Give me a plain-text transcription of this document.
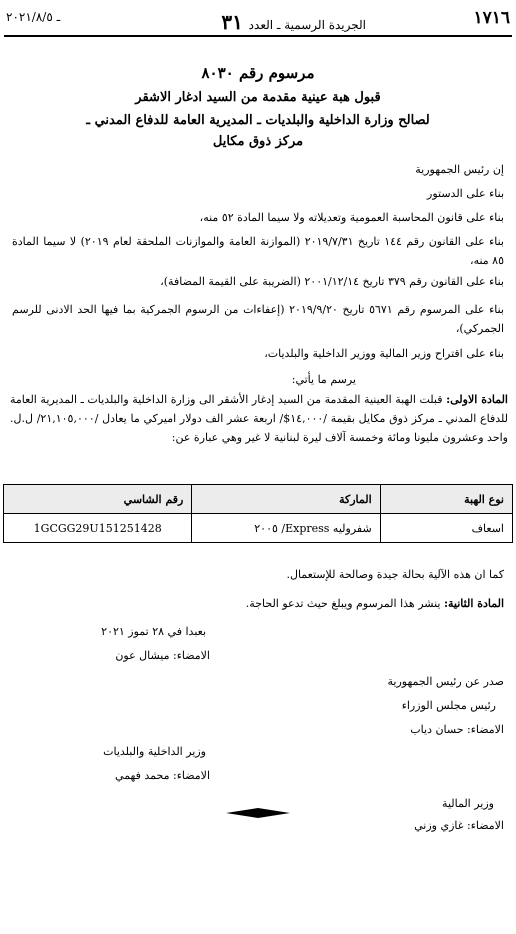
١٧١٦
الجريدة الرسمية ـ العدد ٣١
ـ ٢٠٢١/٨/٥
مرسوم رقم ٨٠٣٠
قبول هبة عينية مقدمة من السيد ادغار الاشقر
لصالح وزارة الداخلية والبلديات ـ المديرية العامة للدفاع المدني ـ
مركز ذوق مكايل
إن رئيس الجمهورية
بناء على الدستور
بناء على قانون المحاسبة العمومية وتعديلاته ولا سيما المادة ٥٢ منه،
بناء على القانون رقم ١٤٤ تاريخ ٢٠١٩/٧/٣١ (الموازنة العامة والموازنات الملحقة لعام ٢٠١٩) لا سيما المادة ٨٥ منه،
بناء على القانون رقم ٣٧٩ تاريخ ٢٠٠١/١٢/١٤ (الضريبة على القيمة المضافة)،
بناء على المرسوم رقم ٥٦٧١ تاريخ ٢٠١٩/٩/٢٠ (إعفاءات من الرسوم الجمركية بما فيها الحد الادنى للرسم الجمركي)،
بناء على اقتراح وزير المالية ووزير الداخلية والبلديات،
يرسم ما يأتي:
المادة الاولى: قبلت الهبة العينية المقدمة من السيد إدغار الأشقر الى وزارة الداخلية والبلديات ـ المديرية العامة للدفاع المدني ـ مركز ذوق مكايل بقيمة /١٤,٠٠٠$/ اربعة عشر الف دولار اميركي ما يعادل /٢١,١٠٥,٠٠٠/ ل.ل. واحد وعشرون مليونا ومائة وخمسة آلاف ليرة لبنانية لا غير وهي عبارة عن:
نوع الهبة	الماركة	رقم الشاسي
اسعاف	شفروليه Express/ ٢٠٠٥	1GCGG29U151251428
كما ان هذه الآلية بحالة جيدة وصالحة للإستعمال.
المادة الثانية: ينشر هذا المرسوم ويبلغ حيث تدعو الحاجة.
بعبدا في ٢٨ تموز ٢٠٢١
الامضاء: ميشال عون
صدر عن رئيس الجمهورية
رئيس مجلس الوزراء
الامضاء: حسان دياب
وزير الداخلية والبلديات
الامضاء: محمد فهمي
وزير المالية
الامضاء: غازي وزني
